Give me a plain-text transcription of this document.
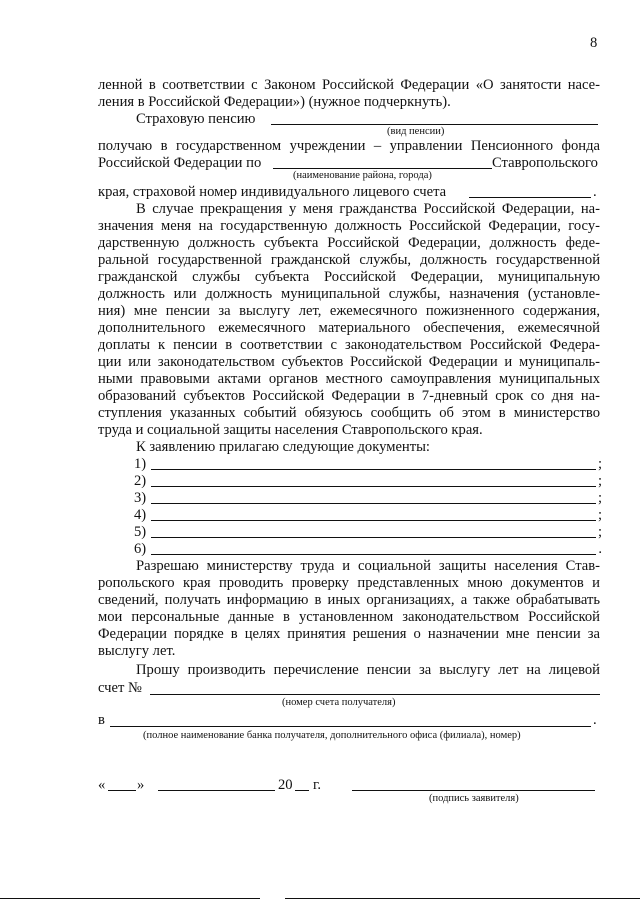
8
ленной в соответствии с Законом Российской Федерации «О занятости насе-
ления в Российской Федерации») (нужное подчеркнуть).
Страховую пенсию
(вид пенсии)
получаю в государственном учреждении – управлении Пенсионного фонда
Российской Федерации по	Ставропольского
(наименование района, города)
края, страховой номер индивидуального лицевого счета	.
В случае прекращения у меня гражданства Российской Федерации, на-
значения меня на государственную должность Российской Федерации, госу-
дарственную должность субъекта Российской Федерации, должность феде-
ральной государственной гражданской службы, должность государственной
гражданской службы субъекта Российской Федерации, муниципальную
должность или должность муниципальной службы, назначения (установле-
ния) мне пенсии за выслугу лет, ежемесячного пожизненного содержания,
дополнительного ежемесячного материального обеспечения, ежемесячной
доплаты к пенсии в соответствии с законодательством Российской Федера-
ции или законодательством субъектов Российской Федерации и муниципаль-
ными правовыми актами органов местного самоуправления муниципальных
образований субъектов Российской Федерации в 7-дневный срок со дня на-
ступления указанных событий обязуюсь сообщить об этом в министерство
труда и социальной защиты населения Ставропольского края.
К заявлению прилагаю следующие документы:
1)	;
2)	;
3)	;
4)	;
5)	;
6)	.
Разрешаю министерству труда и социальной защиты населения Став-
ропольского края проводить проверку представленных мною документов и
сведений, получать информацию в иных организациях, а также обрабатывать
мои персональные данные в установленном законодательством Российской
Федерации порядке в целях принятия решения о назначении мне пенсии за
выслугу лет.
Прошу производить перечисление пенсии за выслугу лет на лицевой
счет №
(номер счета получателя)
в	.
(полное наименование банка получателя, дополнительного офиса (филиала), номер)
« »	20 г.
(подпись заявителя)
